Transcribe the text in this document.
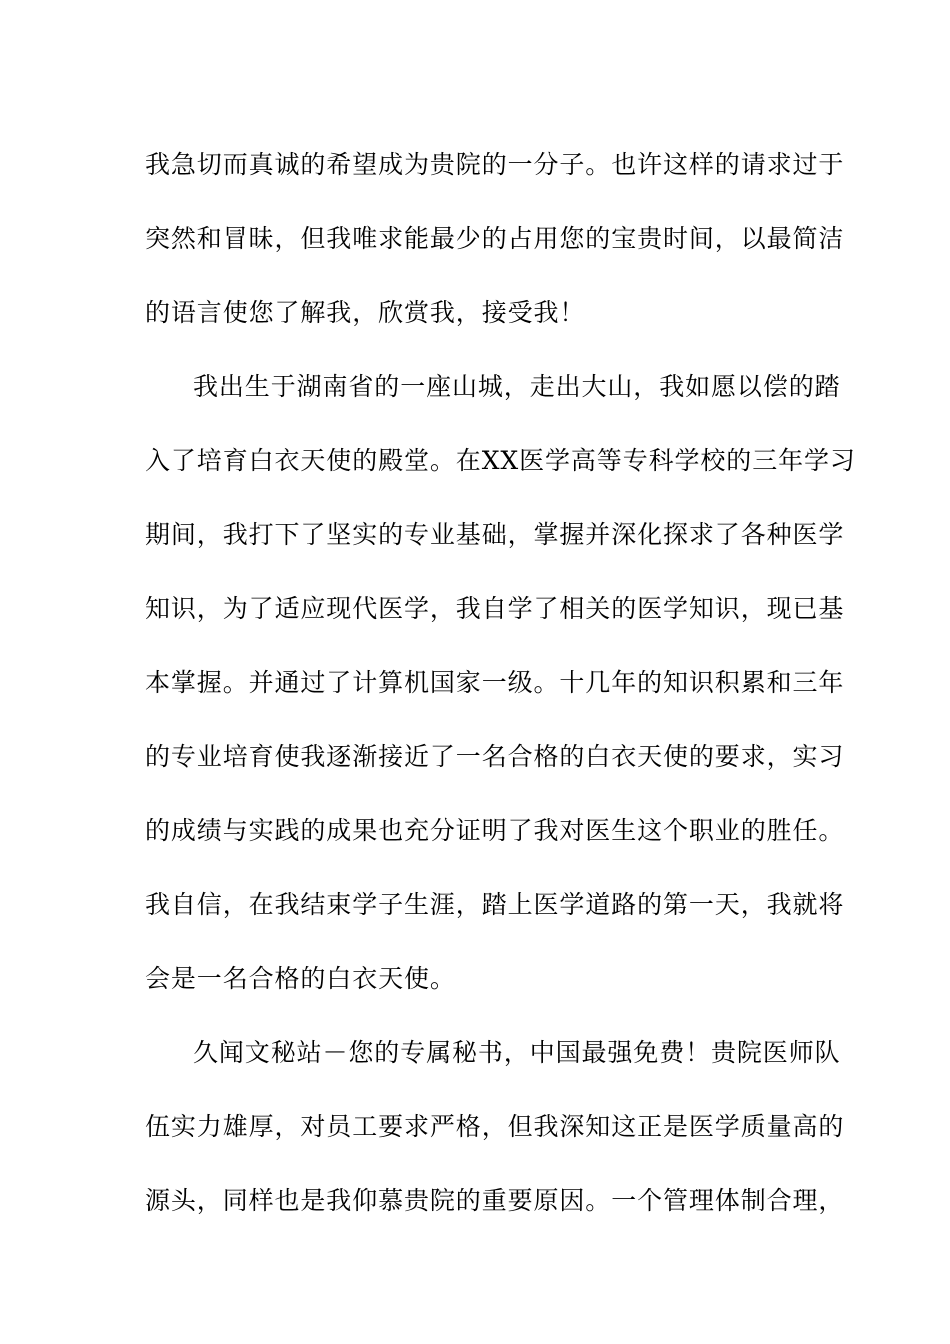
我急切而真诚的希望成为贵院的一分子。也许这样的请求过于

突然和冒昧，但我唯求能最少的占用您的宝贵时间，以最简洁

的语言使您了解我，欣赏我，接受我！

我出生于湖南省的一座山城，走出大山，我如愿以偿的踏

入了培育白衣天使的殿堂。在XX医学高等专科学校的三年学习

期间，我打下了坚实的专业基础，掌握并深化探求了各种医学

知识，为了适应现代医学，我自学了相关的医学知识，现已基

本掌握。并通过了计算机国家一级。十几年的知识积累和三年

的专业培育使我逐渐接近了一名合格的白衣天使的要求，实习

的成绩与实践的成果也充分证明了我对医生这个职业的胜任。

我自信，在我结束学子生涯，踏上医学道路的第一天，我就将

会是一名合格的白衣天使。

久闻文秘站－您的专属秘书，中国最强免费！贵院医师队

伍实力雄厚，对员工要求严格，但我深知这正是医学质量高的

源头，同样也是我仰慕贵院的重要原因。一个管理体制合理，
